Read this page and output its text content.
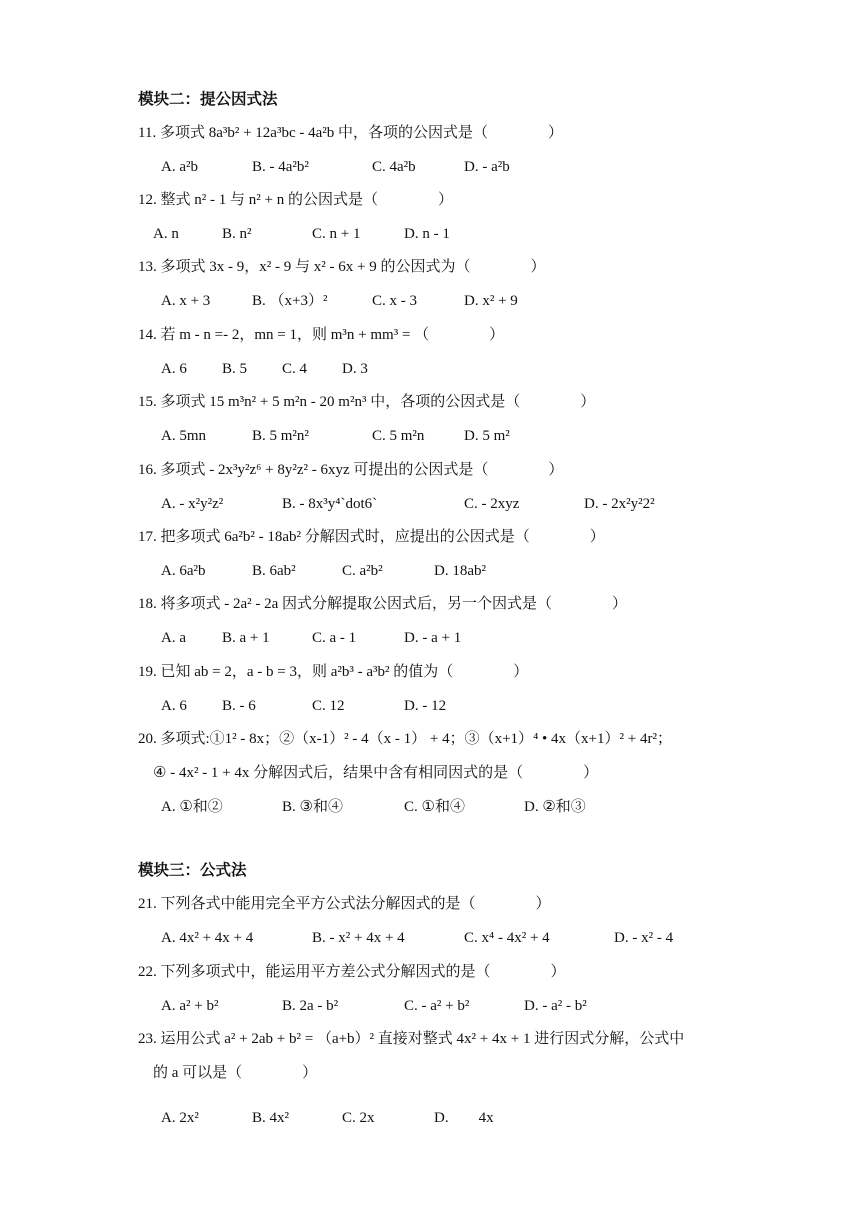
模块二：提公因式法
11. 多项式 8a³b² + 12a³bc - 4a²b 中，各项的公因式是（　　　　）
A. a²b	B. - 4a²b²	C. 4a²b	D. - a²b
12. 整式 n² - 1 与 n² + n 的公因式是（　　　　）
A. n	B. n²	C. n + 1	D. n - 1
13. 多项式 3x - 9，x² - 9 与 x² - 6x + 9 的公因式为（　　　　）
A. x + 3	B. （x+3）²	C. x - 3	D. x² + 9
14. 若 m - n =- 2，mn = 1，则 m³n + mm³ = （　　　　）
A. 6 B. 5 C. 4 D. 3
15. 多项式 15 m³n² + 5 m²n - 20 m²n³ 中，各项的公因式是（　　　　）
A. 5mn	B. 5 m²n²	C. 5 m²n	D. 5 m²
16. 多项式 - 2x³y²z⁶ + 8y²z² - 6xyz 可提出的公因式是（　　　　）
A. - x²y²z²	B. - 8x³y⁴`dot6`	C. - 2xyz	D. - 2x²y²2²
17. 把多项式 6a²b² - 18ab² 分解因式时，应提出的公因式是（　　　　）
A. 6a²b	B. 6ab²	C. a²b²	D. 18ab²
18. 将多项式 - 2a² - 2a 因式分解提取公因式后，另一个因式是（　　　　）
A. a B. a + 1	C. a - 1	D. - a + 1
19. 已知 ab = 2，a - b = 3，则 a²b³ - a³b² 的值为（　　　　）
A. 6 B. - 6	C. 12	D. - 12
20. 多项式:①1² - 8x；②（x-1）² - 4（x - 1） + 4；③（x+1）⁴ • 4x（x+1）² + 4r²；
④ - 4x² - 1 + 4x 分解因式后，结果中含有相同因式的是（　　　　）
A. ①和②	B. ③和④	C. ①和④	D. ②和③
模块三：公式法
21. 下列各式中能用完全平方公式法分解因式的是（　　　　）
A. 4x² + 4x + 4	B. - x² + 4x + 4	C. x⁴ - 4x² + 4	D. - x² - 4
22. 下列多项式中，能运用平方差公式分解因式的是（　　　　）
A. a² + b²	B. 2a - b²	C. - a² + b²	D. - a² - b²
23. 运用公式 a² + 2ab + b² = （a+b）² 直接对整式 4x² + 4x + 1 进行因式分解，公式中
的 a 可以是（　　　　）
A. 2x²	B. 4x²	C. 2x	D.　　4x
